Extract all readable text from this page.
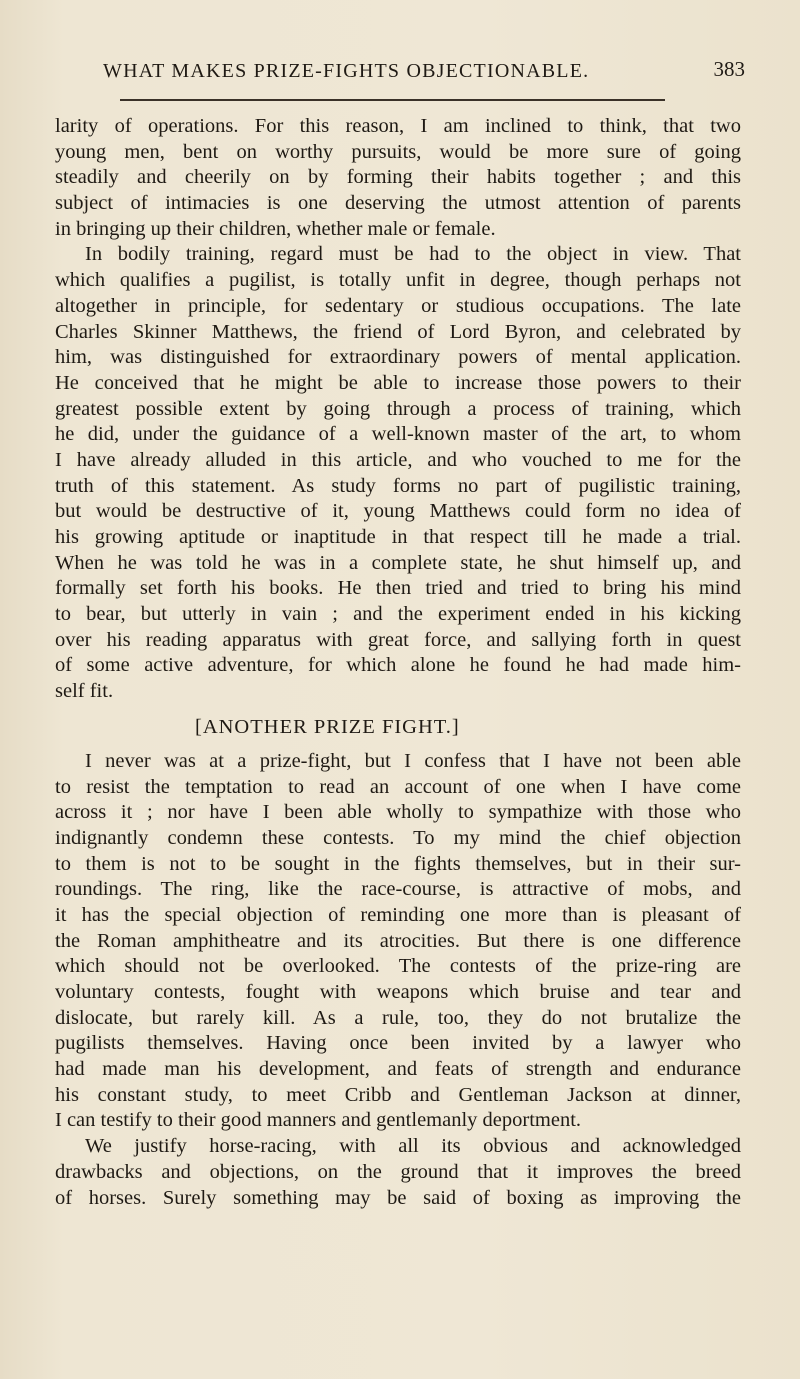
WHAT MAKES PRIZE-FIGHTS OBJECTIONABLE.	383
larity of operations. For this reason, I am inclined to think, that two
young men, bent on worthy pursuits, would be more sure of going
steadily and cheerily on by forming their habits together ; and this
subject of intimacies is one deserving the utmost attention of parents
in bringing up their children, whether male or female.
In bodily training, regard must be had to the object in view. That
which qualifies a pugilist, is totally unfit in degree, though perhaps not
altogether in principle, for sedentary or studious occupations. The late
Charles Skinner Matthews, the friend of Lord Byron, and celebrated by
him, was distinguished for extraordinary powers of mental application.
He conceived that he might be able to increase those powers to their
greatest possible extent by going through a process of training, which
he did, under the guidance of a well-known master of the art, to whom
I have already alluded in this article, and who vouched to me for the
truth of this statement. As study forms no part of pugilistic training,
but would be destructive of it, young Matthews could form no idea of
his growing aptitude or inaptitude in that respect till he made a trial.
When he was told he was in a complete state, he shut himself up, and
formally set forth his books. He then tried and tried to bring his mind
to bear, but utterly in vain ; and the experiment ended in his kicking
over his reading apparatus with great force, and sallying forth in quest
of some active adventure, for which alone he found he had made him-
self fit.
[ANOTHER PRIZE FIGHT.]
I never was at a prize-fight, but I confess that I have not been able
to resist the temptation to read an account of one when I have come
across it ; nor have I been able wholly to sympathize with those who
indignantly condemn these contests. To my mind the chief objection
to them is not to be sought in the fights themselves, but in their sur-
roundings. The ring, like the race-course, is attractive of mobs, and
it has the special objection of reminding one more than is pleasant of
the Roman amphitheatre and its atrocities. But there is one difference
which should not be overlooked. The contests of the prize-ring are
voluntary contests, fought with weapons which bruise and tear and
dislocate, but rarely kill. As a rule, too, they do not brutalize the
pugilists themselves. Having once been invited by a lawyer who
had made man his development, and feats of strength and endurance
his constant study, to meet Cribb and Gentleman Jackson at dinner,
I can testify to their good manners and gentlemanly deportment.
We justify horse-racing, with all its obvious and acknowledged
drawbacks and objections, on the ground that it improves the breed
of horses. Surely something may be said of boxing as improving the
